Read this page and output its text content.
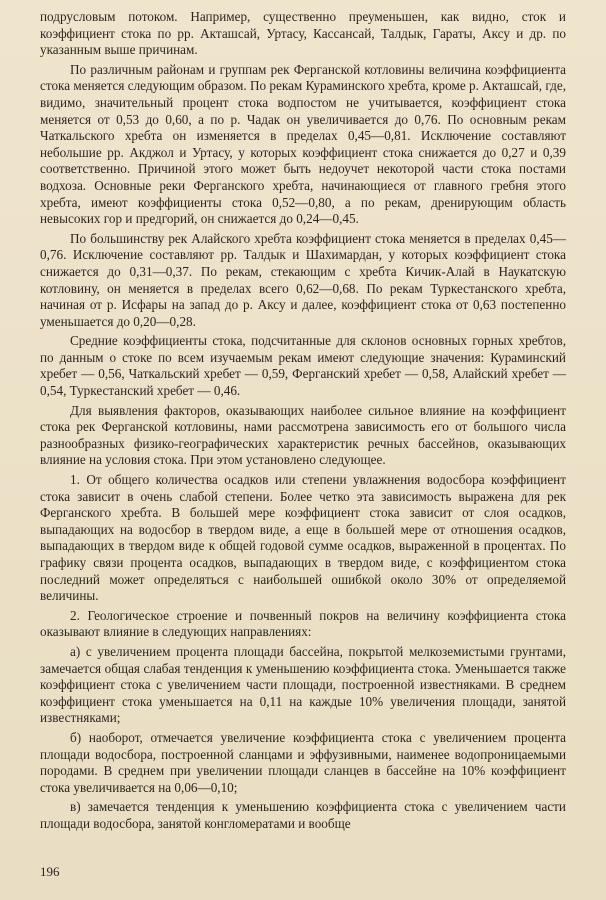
подрусловым потоком. Например, существенно преуменьшен, как видно, сток и коэффициент стока по рр. Акташсай, Уртасу, Кассансай, Талдык, Гараты, Аксу и др. по указанным выше причинам.

По различным районам и группам рек Ферганской котловины величина коэффициента стока меняется следующим образом. По рекам Кураминского хребта, кроме р. Акташсай, где, видимо, значительный процент стока водпостом не учитывается, коэффициент стока меняется от 0,53 до 0,60, а по р. Чадак он увеличивается до 0,76. По основным рекам Чаткальского хребта он изменяется в пределах 0,45—0,81. Исключение составляют небольшие рр. Акджол и Уртасу, у которых коэффициент стока снижается до 0,27 и 0,39 соответственно. Причиной этого может быть недоучет некоторой части стока постами водхоза. Основные реки Ферганского хребта, начинающиеся от главного гребня этого хребта, имеют коэффициенты стока 0,52—0,80, а по рекам, дренирующим область невысоких гор и предгорий, он снижается до 0,24—0,45.

По большинству рек Алайского хребта коэффициент стока меняется в пределах 0,45—0,76. Исключение составляют рр. Талдык и Шахимардан, у которых коэффициент стока снижается до 0,31—0,37. По рекам, стекающим с хребта Кичик-Алай в Наукатскую котловину, он меняется в пределах всего 0,62—0,68. По рекам Туркестанского хребта, начиная от р. Исфары на запад до р. Аксу и далее, коэффициент стока от 0,63 постепенно уменьшается до 0,20—0,28.

Средние коэффициенты стока, подсчитанные для склонов основных горных хребтов, по данным о стоке по всем изучаемым рекам имеют следующие значения: Кураминский хребет — 0,56, Чаткальский хребет — 0,59, Ферганский хребет — 0,58, Алайский хребет — 0,54, Туркестанский хребет — 0,46.

Для выявления факторов, оказывающих наиболее сильное влияние на коэффициент стока рек Ферганской котловины, нами рассмотрена зависимость его от большого числа разнообразных физико-географических характеристик речных бассейнов, оказывающих влияние на условия стока. При этом установлено следующее.

1. От общего количества осадков или степени увлажнения водосбора коэффициент стока зависит в очень слабой степени. Более четко эта зависимость выражена для рек Ферганского хребта. В большей мере коэффициент стока зависит от слоя осадков, выпадающих на водосбор в твердом виде, а еще в большей мере от отношения осадков, выпадающих в твердом виде к общей годовой сумме осадков, выраженной в процентах. По графику связи процента осадков, выпадающих в твердом виде, с коэффициентом стока последний может определяться с наибольшей ошибкой около 30% от определяемой величины.

2. Геологическое строение и почвенный покров на величину коэффициента стока оказывают влияние в следующих направлениях:

а) с увеличением процента площади бассейна, покрытой мелкоземистыми грунтами, замечается общая слабая тенденция к уменьшению коэффициента стока. Уменьшается также коэффициент стока с увеличением части площади, построенной известняками. В среднем коэффициент стока уменьшается на 0,11 на каждые 10% увеличения площади, занятой известняками;

б) наоборот, отмечается увеличение коэффициента стока с увеличением процента площади водосбора, построенной сланцами и эффузивными, наименее водопроницаемыми породами. В среднем при увеличении площади сланцев в бассейне на 10% коэффициент стока увеличивается на 0,06—0,10;

в) замечается тенденция к уменьшению коэффициента стока с увеличением части площади водосбора, занятой конгломератами и вообще

196
